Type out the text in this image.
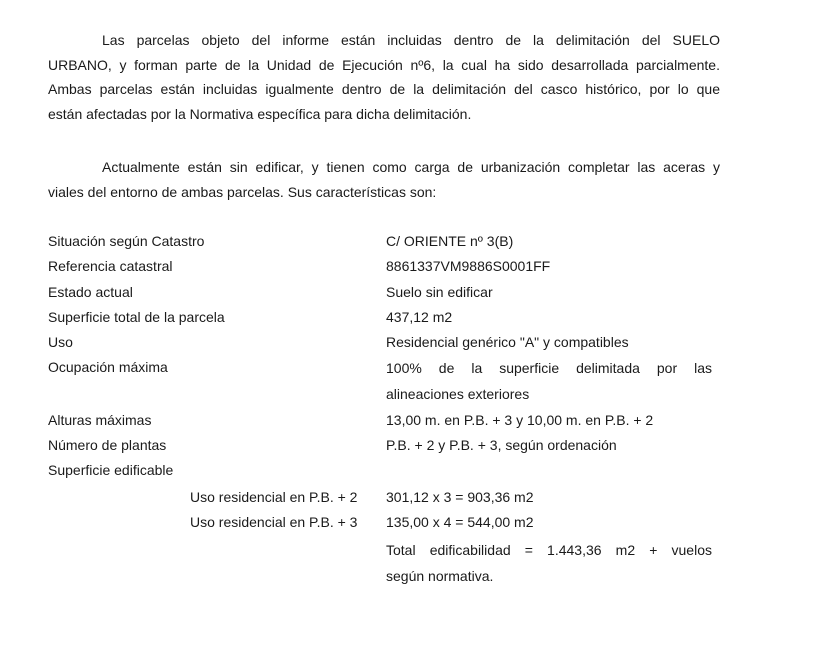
Las parcelas objeto del informe están incluidas dentro de la delimitación del SUELO
URBANO, y forman parte de la Unidad de Ejecución nº6, la cual ha sido desarrollada parcialmente.
Ambas parcelas están incluidas igualmente dentro de la delimitación del casco histórico, por lo que
están afectadas por la Normativa específica para dicha delimitación.
Actualmente están sin edificar, y tienen como carga de urbanización completar las aceras y
viales del entorno de ambas parcelas. Sus características son:
Situación según Catastro	C/ ORIENTE nº 3(B)
Referencia catastral	8861337VM9886S0001FF
Estado actual	Suelo sin edificar
Superficie total de la parcela	437,12 m2
Uso	Residencial genérico "A" y compatibles
Ocupación máxima	100% de la superficie delimitada por las
alineaciones exteriores
Alturas máximas	13,00 m. en P.B. + 3 y 10,00 m. en P.B. + 2
Número de plantas	P.B. + 2 y P.B. + 3, según ordenación
Superficie edificable
Uso residencial en P.B. + 2 301,12 x 3 = 903,36 m2
Uso residencial en P.B. + 3 135,00 x 4 = 544,00 m2
Total edificabilidad = 1.443,36 m2 + vuelos
según normativa.
